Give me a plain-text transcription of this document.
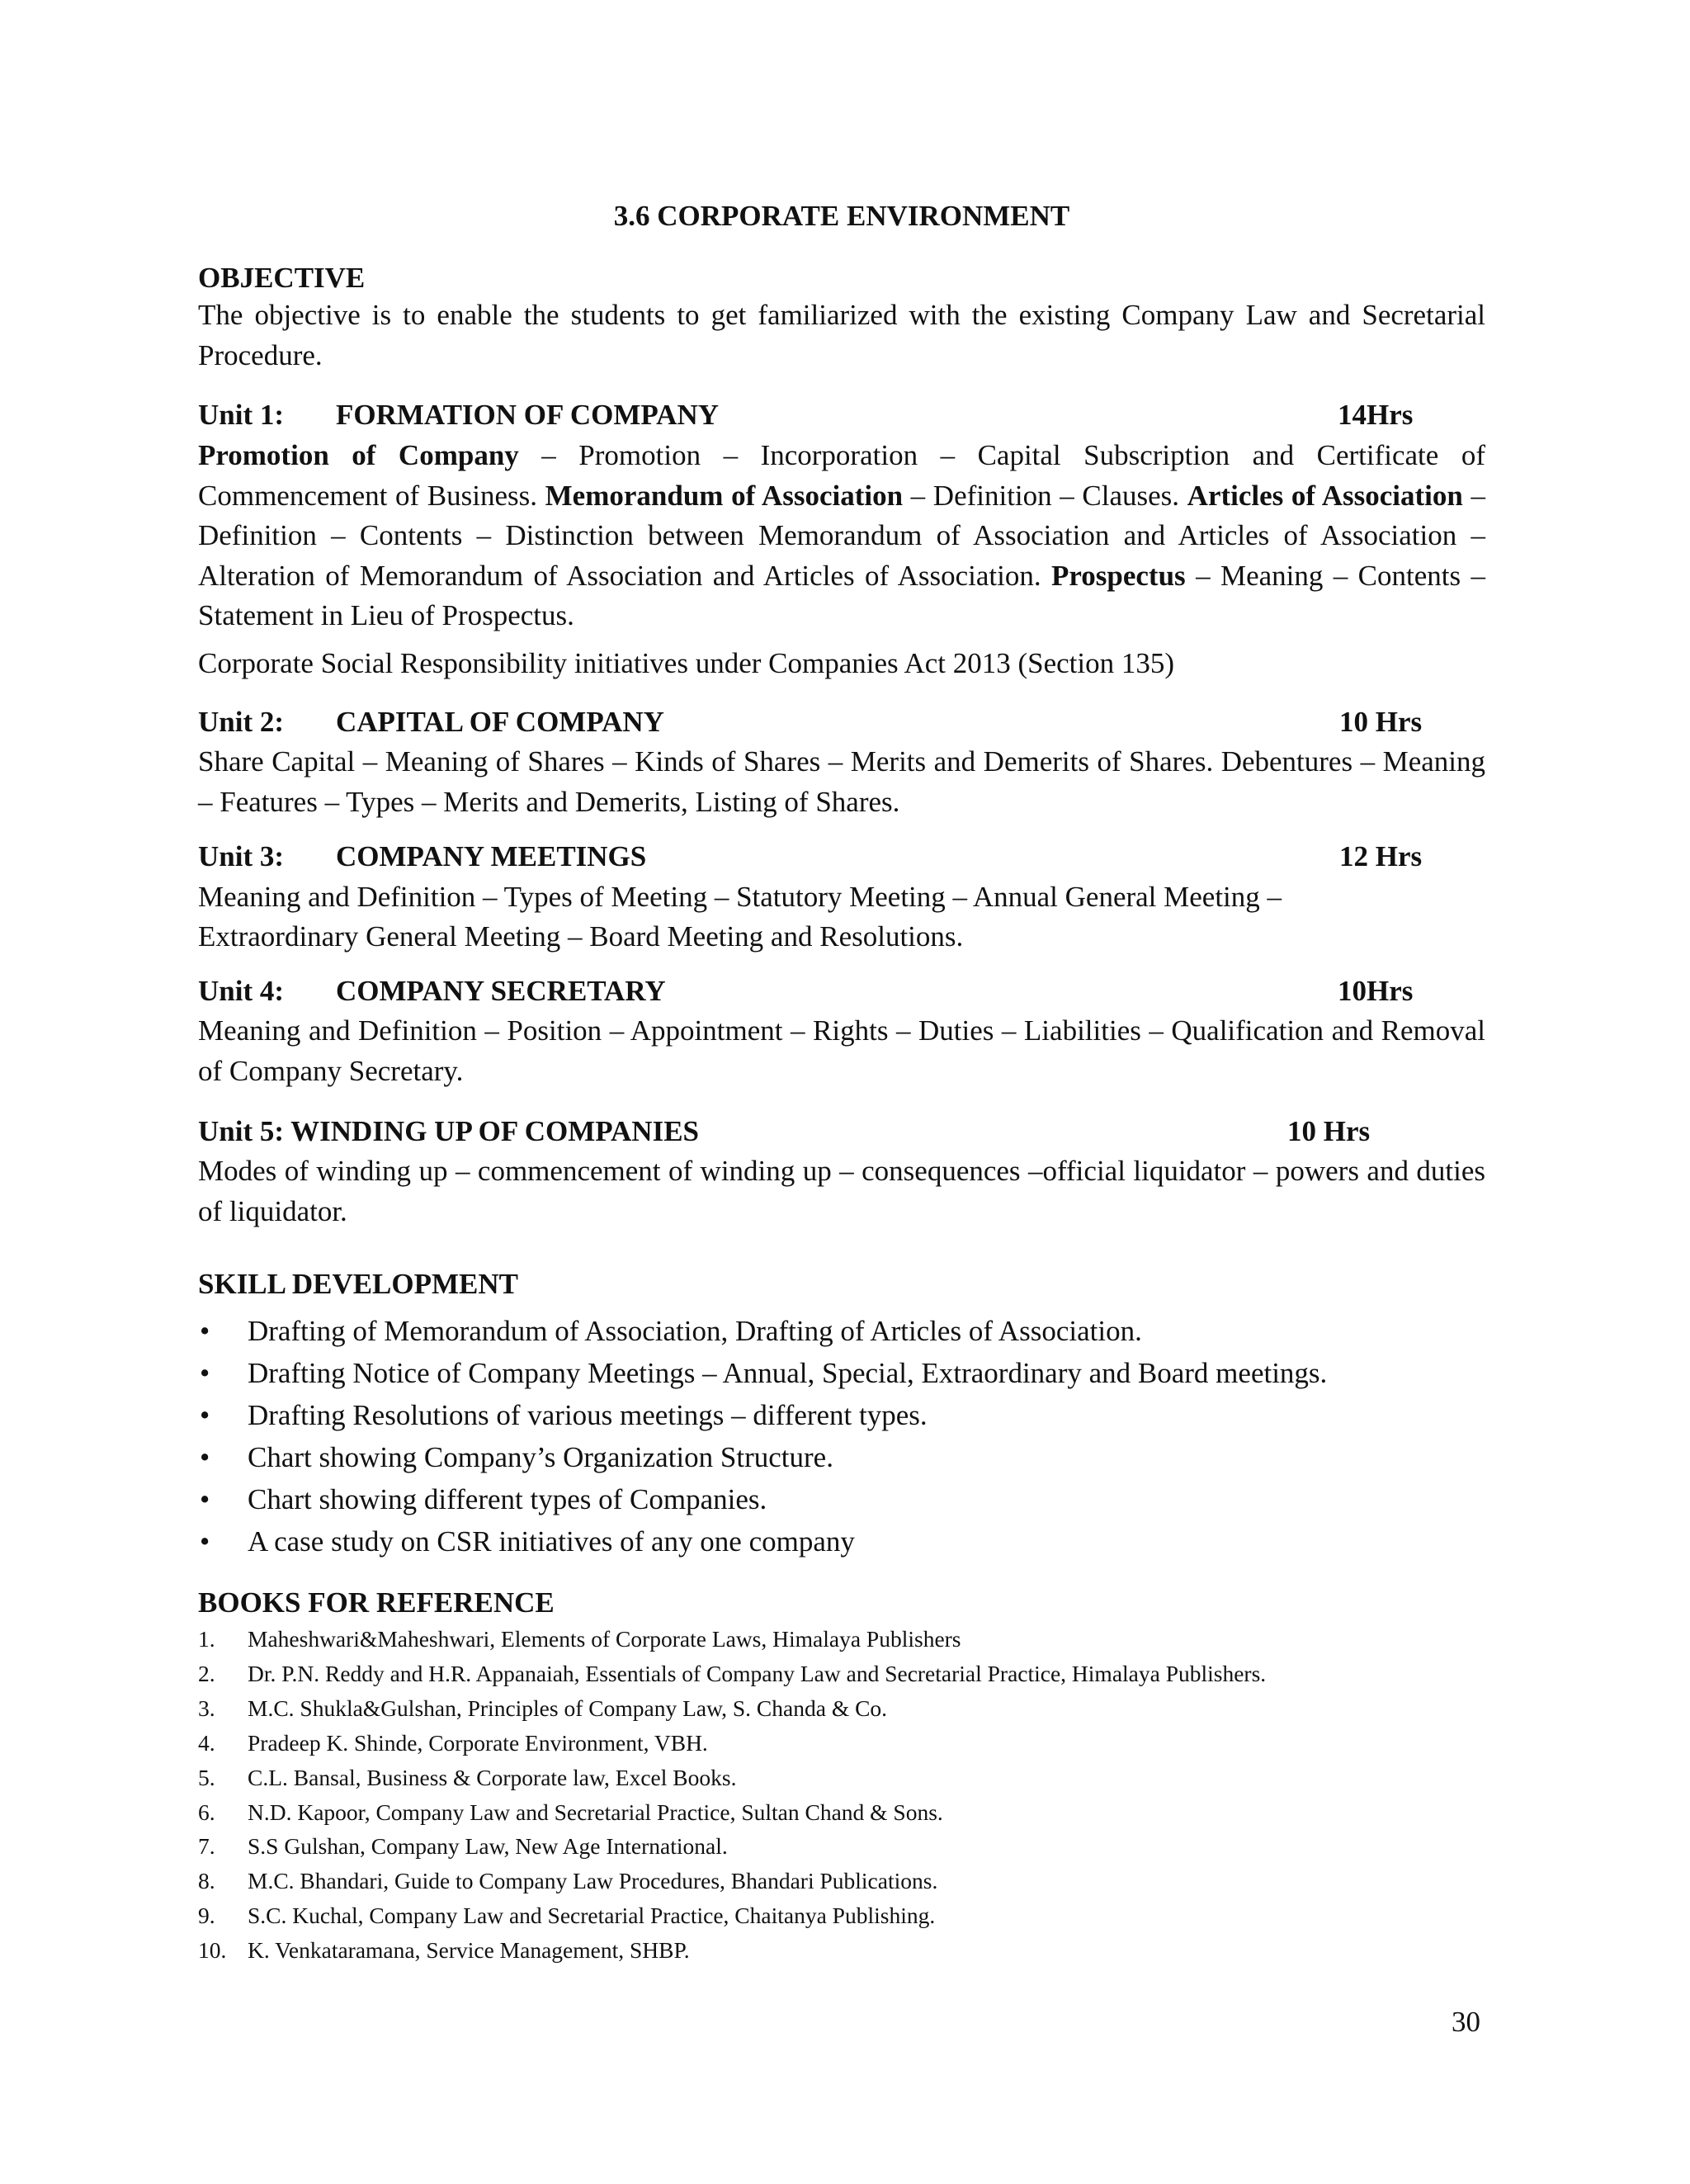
3.6 CORPORATE ENVIRONMENT
OBJECTIVE

The objective is to enable the students to get familiarized with the existing Company Law and Secretarial Procedure.

Unit 1: FORMATION OF COMPANY	14Hrs

Promotion of Company – Promotion – Incorporation – Capital Subscription and Certificate of Commencement of Business. Memorandum of Association – Definition – Clauses. Articles of Association – Definition – Contents – Distinction between Memorandum of Association and Articles of Association – Alteration of Memorandum of Association and Articles of Association. Prospectus – Meaning – Contents – Statement in Lieu of Prospectus.

Corporate Social Responsibility initiatives under Companies Act 2013 (Section 135)

Unit 2: CAPITAL OF COMPANY	10 Hrs

Share Capital – Meaning of Shares – Kinds of Shares – Merits and Demerits of Shares. Debentures – Meaning – Features – Types – Merits and Demerits, Listing of Shares.

Unit 3: COMPANY MEETINGS	12 Hrs

Meaning and Definition – Types of Meeting – Statutory Meeting – Annual General Meeting –

Extraordinary General Meeting – Board Meeting and Resolutions.

Unit 4: COMPANY SECRETARY	10Hrs

Meaning and Definition – Position – Appointment – Rights – Duties – Liabilities – Qualification and Removal of Company Secretary.

Unit 5: WINDING UP OF COMPANIES	10 Hrs

Modes of winding up – commencement of winding up – consequences –official liquidator – powers and duties of liquidator.

SKILL DEVELOPMENT
• Drafting of Memorandum of Association, Drafting of Articles of Association.
• Drafting Notice of Company Meetings – Annual, Special, Extraordinary and Board meetings.
• Drafting Resolutions of various meetings – different types.
• Chart showing Company’s Organization Structure.
• Chart showing different types of Companies.
• A case study on CSR initiatives of any one company
BOOKS FOR REFERENCE
1. Maheshwari&Maheshwari, Elements of Corporate Laws, Himalaya Publishers
2. Dr. P.N. Reddy and H.R. Appanaiah, Essentials of Company Law and Secretarial Practice, Himalaya Publishers.
3. M.C. Shukla&Gulshan, Principles of Company Law, S. Chanda & Co.
4. Pradeep K. Shinde, Corporate Environment, VBH.
5. C.L. Bansal, Business & Corporate law, Excel Books.
6. N.D. Kapoor, Company Law and Secretarial Practice, Sultan Chand & Sons.
7. S.S Gulshan, Company Law, New Age International.
8. M.C. Bhandari, Guide to Company Law Procedures, Bhandari Publications.
9. S.C. Kuchal, Company Law and Secretarial Practice, Chaitanya Publishing.
10. K. Venkataramana, Service Management, SHBP.
30
